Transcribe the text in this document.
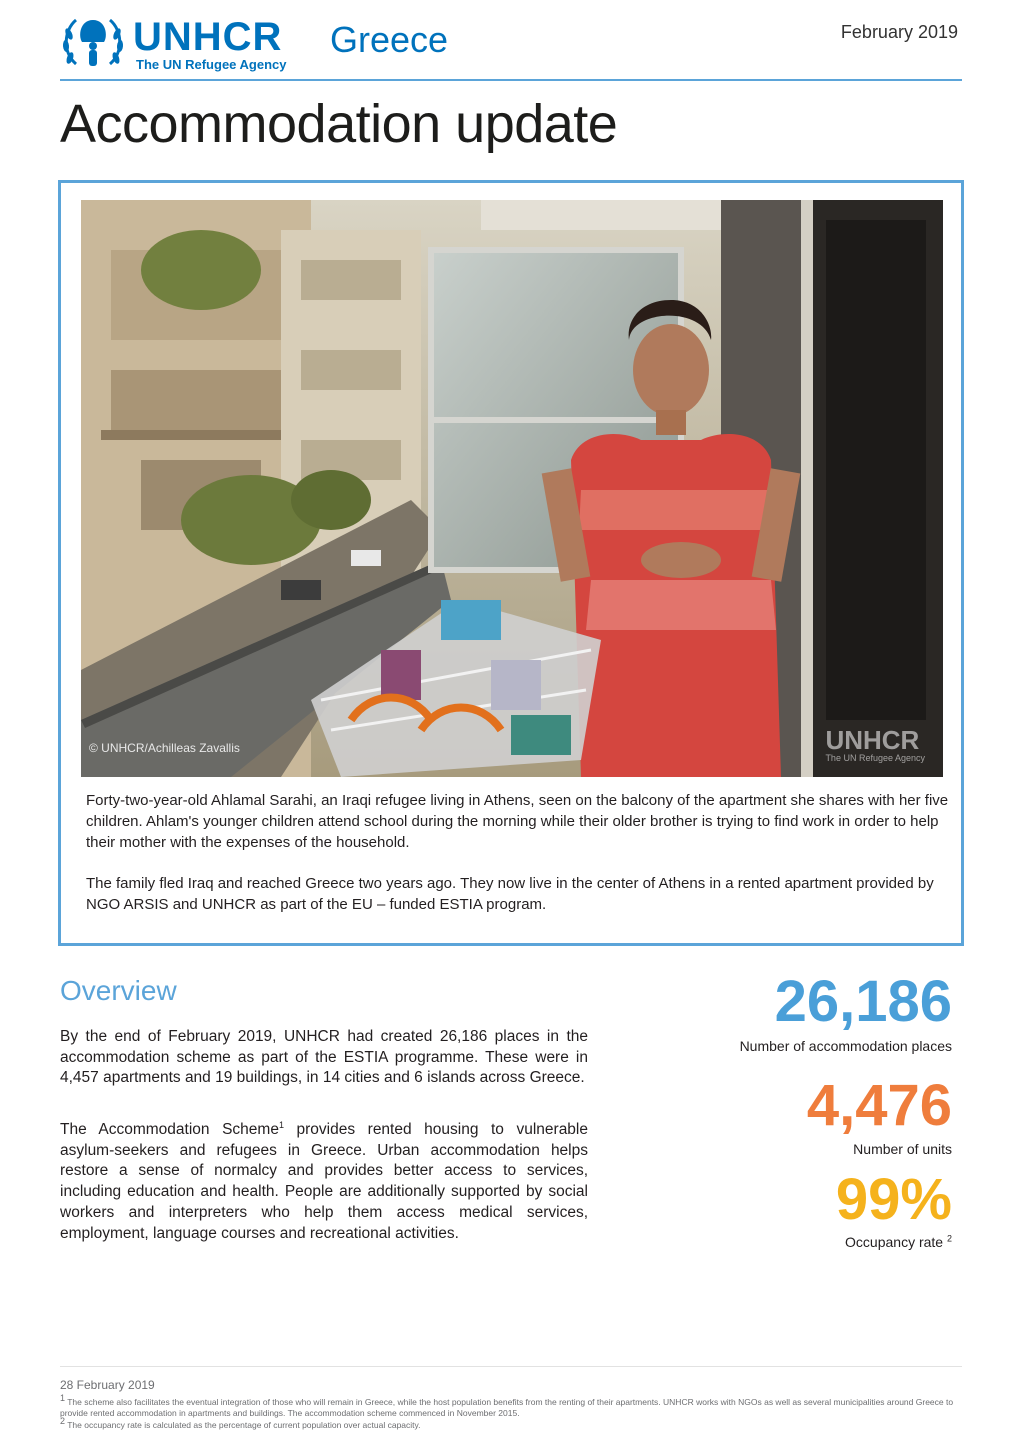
UNHCR
The UN Refugee Agency
Greece	February 2019
Accommodation update
© UNHCR/Achilleas Zavallis	UNHCR
The UN Refugee Agency

Forty-two-year-old Ahlamal Sarahi, an Iraqi refugee living in Athens, seen on the balcony of the apartment she shares with her five children. Ahlam's younger children attend school during the morning while their older brother is trying to find work in order to help their mother with the expenses of the household.

The family fled Iraq and reached Greece two years ago. They now live in the center of Athens in a rented apartment provided by NGO ARSIS and UNHCR as part of the EU – funded ESTIA program.

Overview

By the end of February 2019, UNHCR had created 26,186 places in the accommodation scheme as part of the ESTIA programme. These were in 4,457 apartments and 19 buildings, in 14 cities and 6 islands across Greece.

The Accommodation Scheme$^1$ provides rented housing to vulnerable asylum-seekers and refugees in Greece. Urban accommodation helps restore a sense of normalcy and provides better access to services, including education and health. People are additionally supported by social workers and interpreters who help them access medical services, employment, language courses and recreational activities.

26,186
Number of accommodation places
4,476
Number of units
99%
Occupancy rate $^2$
28 February 2019

$^1$ The scheme also facilitates the eventual integration of those who will remain in Greece, while the host population benefits from the renting of their apartments. UNHCR works with NGOs as well as several municipalities around Greece to provide rented accommodation in apartments and buildings. The accommodation scheme commenced in November 2015.

$^2$ The occupancy rate is calculated as the percentage of current population over actual capacity.
